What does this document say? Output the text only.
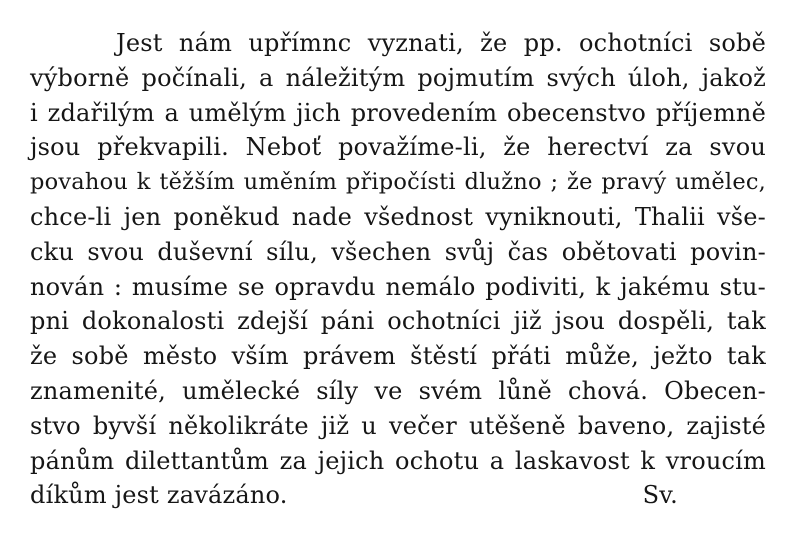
Jest nám upřímnc vyznati, že pp. ochotníci sobě
výborně počínali, a náležitým pojmutím svých úloh, jakož
i zdařilým a umělým jich provedením obecenstvo příjemně
jsou překvapili. Neboť považíme-li, že herectví za svou
povahou k těžším uměním připočísti dlužno ; že pravý umělec,
chce-li jen poněkud nade všednost vyniknouti, Thalii vše-
cku svou duševní sílu, všechen svůj čas obětovati povin-
nován : musíme se opravdu nemálo podiviti, k jakému stu-
pni dokonalosti zdejší páni ochotníci již jsou dospěli, tak
že sobě město vším právem štěstí přáti může, ježto tak
znamenité, umělecké síly ve svém lůně chová. Obecen-
stvo byvší několikráte již u večer utěšeně baveno, zajisté
pánům dilettantům za jejich ochotu a laskavost k vroucím
díkům jest zavázáno.	Sv.
